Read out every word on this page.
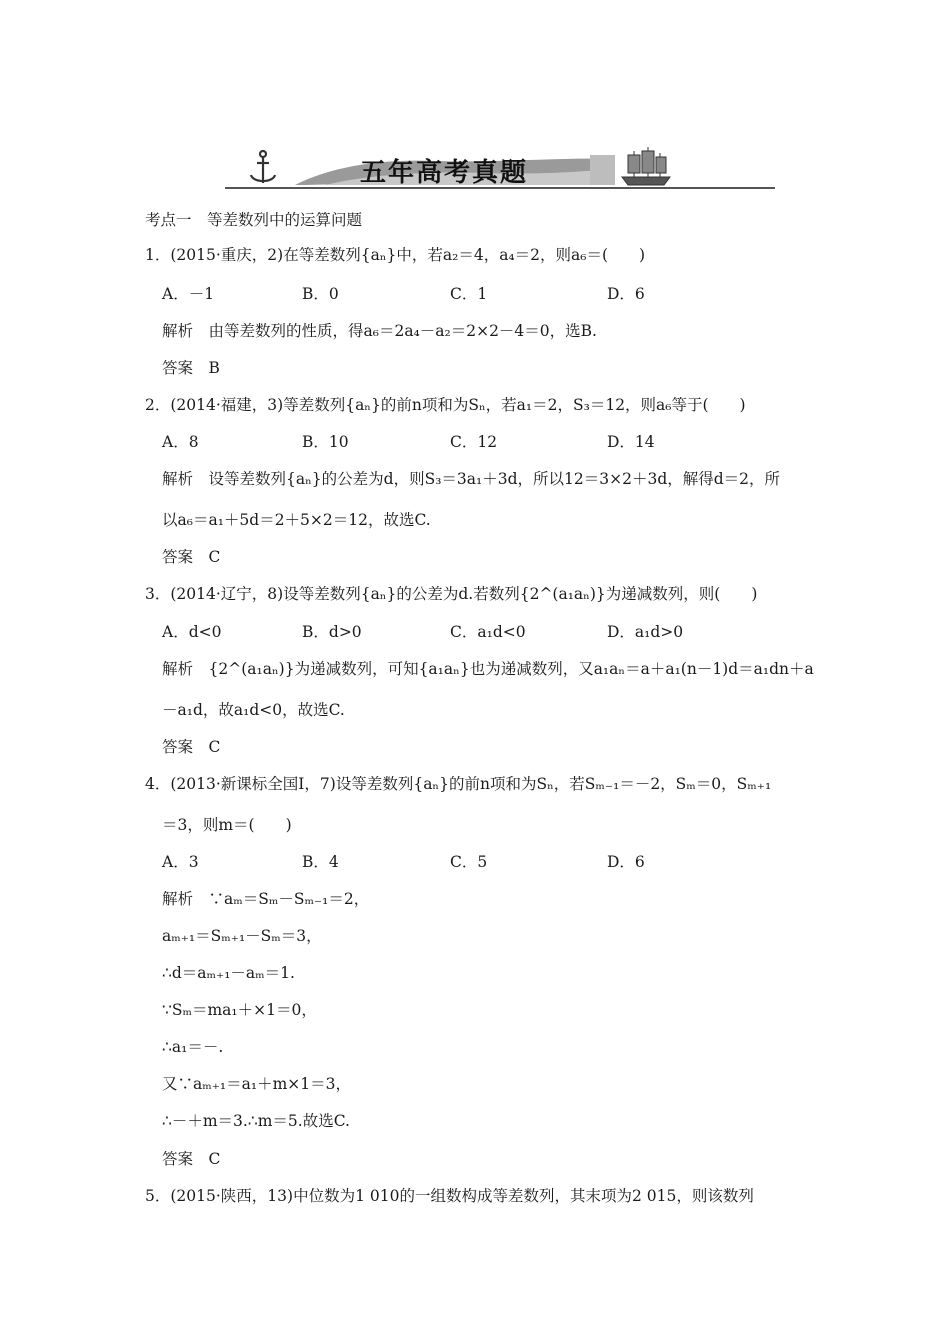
五年高考真题
考点一　等差数列中的运算问题
1．(2015·重庆，2)在等差数列{aₙ}中，若a₂＝4，a₄＝2，则a₆＝(　　)
A．－1	B．0	C．1	D．6
解析　由等差数列的性质，得a₆＝2a₄－a₂＝2×2－4＝0，选B.
答案　B
2．(2014·福建，3)等差数列{aₙ}的前n项和为Sₙ，若a₁＝2，S₃＝12，则a₆等于(　　)
A．8	B．10	C．12	D．14
解析　设等差数列{aₙ}的公差为d，则S₃＝3a₁＋3d，所以12＝3×2＋3d，解得d＝2，所
以a₆＝a₁＋5d＝2＋5×2＝12，故选C.
答案　C
3．(2014·辽宁，8)设等差数列{aₙ}的公差为d.若数列{2^(a₁aₙ)}为递减数列，则(　　)
A．d<0	B．d>0	C．a₁d<0	D．a₁d>0
解析　{2^(a₁aₙ)}为递减数列，可知{a₁aₙ}也为递减数列，又a₁aₙ＝a＋a₁(n－1)d＝a₁dn＋a
－a₁d，故a₁d<0，故选C.
答案　C
4．(2013·新课标全国Ⅰ，7)设等差数列{aₙ}的前n项和为Sₙ，若Sₘ₋₁＝－2，Sₘ＝0，Sₘ₊₁
＝3，则m＝(　　)
A．3	B．4	C．5	D．6
解析　∵aₘ＝Sₘ－Sₘ₋₁＝2，
aₘ₊₁＝Sₘ₊₁－Sₘ＝3，
∴d＝aₘ₊₁－aₘ＝1.
∵Sₘ＝ma₁＋×1＝0，
∴a₁＝－.
又∵aₘ₊₁＝a₁＋m×1＝3，
∴－＋m＝3.∴m＝5.故选C.
答案　C
5．(2015·陕西，13)中位数为1 010的一组数构成等差数列，其末项为2 015，则该数列
